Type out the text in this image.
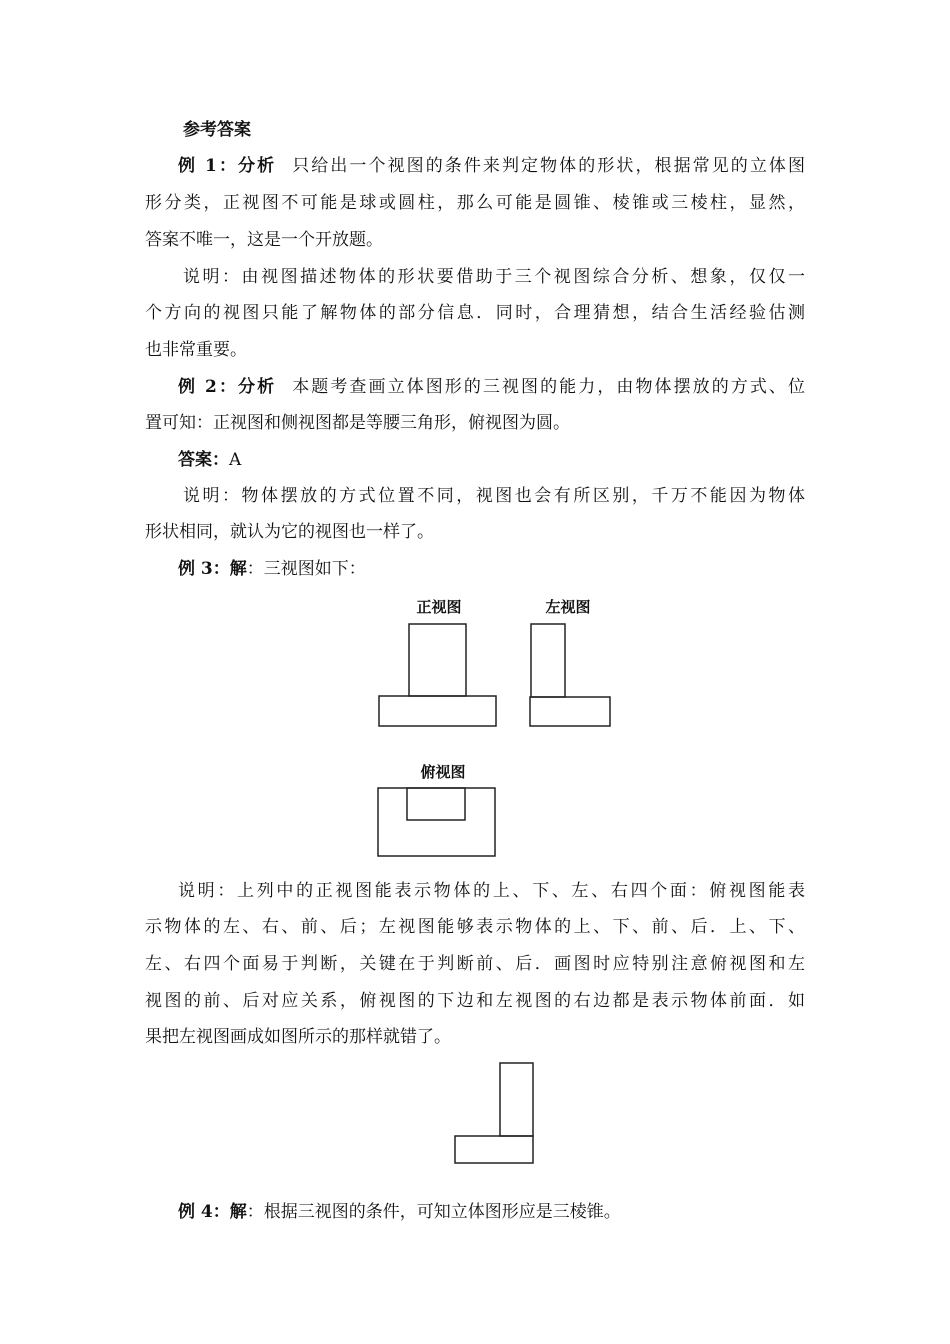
参考答案
例 1：分析 只给出一个视图的条件来判定物体的形状，根据常见的立体图
形分类，正视图不可能是球或圆柱，那么可能是圆锥、棱锥或三棱柱，显然，
答案不唯一，这是一个开放题。
说明：由视图描述物体的形状要借助于三个视图综合分析、想象，仅仅一
个方向的视图只能了解物体的部分信息．同时，合理猜想，结合生活经验估测
也非常重要。
例 2：分析 本题考查画立体图形的三视图的能力，由物体摆放的方式、位
置可知：正视图和侧视图都是等腰三角形，俯视图为圆。
答案：A
说明：物体摆放的方式位置不同，视图也会有所区别，千万不能因为物体
形状相同，就认为它的视图也一样了。
例 3：解：三视图如下：
正视图	左视图
俯视图
说明：上列中的正视图能表示物体的上、下、左、右四个面：俯视图能表
示物体的左、右、前、后；左视图能够表示物体的上、下、前、后．上、下、
左、右四个面易于判断，关键在于判断前、后．画图时应特别注意俯视图和左
视图的前、后对应关系，俯视图的下边和左视图的右边都是表示物体前面．如
果把左视图画成如图所示的那样就错了。
例 4：解：根据三视图的条件，可知立体图形应是三棱锥。
